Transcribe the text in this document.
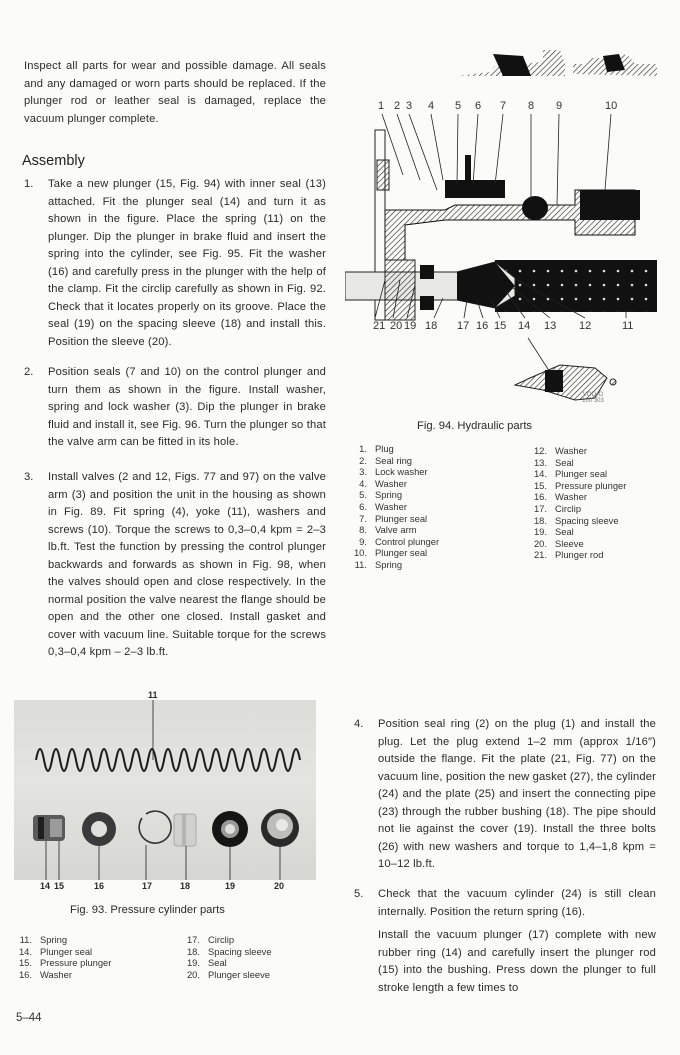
Inspect all parts for wear and possible damage. All seals and any damaged or worn parts should be replaced. If the plunger rod or leather seal is damaged, replace the vacuum plunger complete.
Assembly
1. Take a new plunger (15, Fig. 94) with inner seal (13) attached. Fit the plunger seal (14) and turn it as shown in the figure. Place the spring (11) on the plunger. Dip the plunger in brake fluid and insert the spring into the cylinder, see Fig. 95. Fit the washer (16) and carefully press in the plunger with the help of the clamp. Fit the circlip carefully as shown in Fig. 92. Check that it locates properly on its groove. Place the seal (19) on the spacing sleeve (18) and install this. Position the sleeve (20).
2. Position seals (7 and 10) on the control plunger and turn them as shown in the figure. Install washer, spring and lock washer (3). Dip the plunger in brake fluid and install it, see Fig. 96. Turn the plunger so that the valve arm can be fitted in its hole.
3. Install valves (2 and 12, Figs. 77 and 97) on the valve arm (3) and position the unit in the housing as shown in Fig. 89. Fit spring (4), yoke (11), washers and screws (10). Torque the screws to 0,3–0,4 kpm = 2–3 lb.ft. Test the function by pressing the control plunger backwards and forwards as shown in Fig. 98, when the valves should open and close respectively. In the normal position the valve nearest the flange should be open and the other one closed. Install gasket and cover with vacuum line. Suitable torque for the screws 0,3–0,4 kpm – 2–3 lb.ft.
11
14 15	16	17	18	19	20
Fig. 93. Pressure cylinder parts
11. Spring
14. Plunger seal
15. Pressure plunger
16. Washer
17. Circlip
18. Spacing sleeve
19. Seal
20. Plunger sleeve
5–44
1 2 3 4 5 6 7 8 9	10
21 20 19 18 17 16 15 14 13 12	11
VOLVO 100 303
Fig. 94. Hydraulic parts
1. Plug
2. Seal ring
3. Lock washer
4. Washer
5. Spring
6. Washer
7. Plunger seal
8. Valve arm
9. Control plunger
10. Plunger seal
11. Spring
12. Washer
13. Seal
14. Plunger seal
15. Pressure plunger
16. Washer
17. Circlip
18. Spacing sleeve
19. Seal
20. Sleeve
21. Plunger rod
4. Position seal ring (2) on the plug (1) and install the plug. Let the plug extend 1–2 mm (approx 1/16″) outside the flange. Fit the plate (21, Fig. 77) on the vacuum line, position the new gasket (27), the cylinder (24) and the plate (25) and insert the connecting pipe (23) through the rubber bushing (18). The pipe should not lie against the cover (19). Install the three bolts (26) with new washers and torque to 1,4–1,8 kpm = 10–12 lb.ft.
5. Check that the vacuum cylinder (24) is still clean internally. Position the return spring (16).

Install the vacuum plunger (17) complete with new rubber ring (14) and carefully insert the plunger rod (15) into the bushing. Press down the plunger to full stroke length a few times to
